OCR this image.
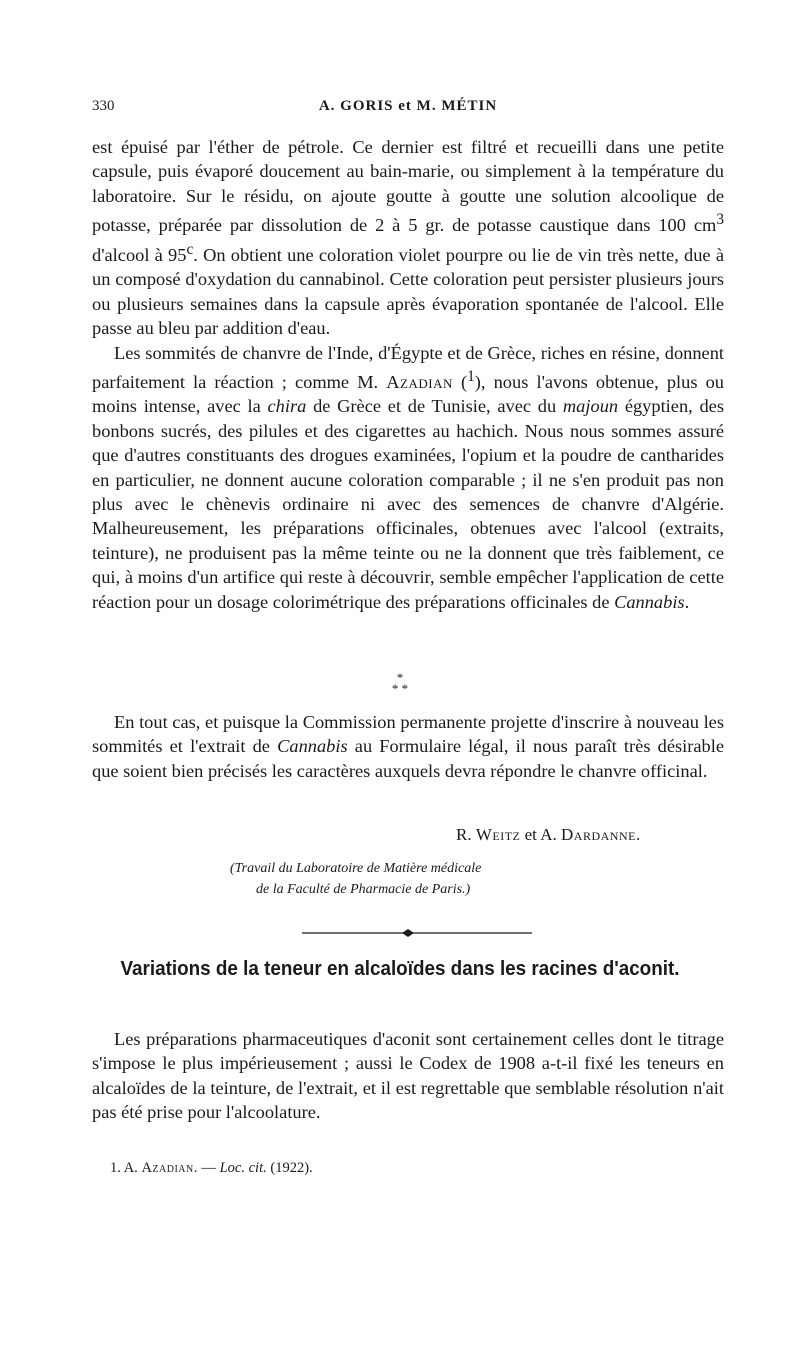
330	A. GORIS et M. MÉTIN

est épuisé par l'éther de pétrole. Ce dernier est filtré et recueilli dans une petite capsule, puis évaporé doucement au bain-marie, ou simplement à la température du laboratoire. Sur le résidu, on ajoute goutte à goutte une solution alcoolique de potasse, préparée par dissolution de 2 à 5 gr. de potasse caustique dans 100 $cm^3$ d'alcool à 95$^c$. On obtient une coloration violet pourpre ou lie de vin très nette, due à un composé d'oxydation du cannabinol. Cette coloration peut persister plusieurs jours ou plusieurs semaines dans la capsule après évaporation spontanée de l'alcool. Elle passe au bleu par addition d'eau.

Les sommités de chanvre de l'Inde, d'Égypte et de Grèce, riches en résine, donnent parfaitement la réaction ; comme M. Azadian ($^1$), nous l'avons obtenue, plus ou moins intense, avec la chira de Grèce et de Tunisie, avec du majoun égyptien, des bonbons sucrés, des pilules et des cigarettes au hachich. Nous nous sommes assuré que d'autres constituants des drogues examinées, l'opium et la poudre de cantharides en particulier, ne donnent aucune coloration comparable ; il ne s'en produit pas non plus avec le chènevis ordinaire ni avec des semences de chanvre d'Algérie. Malheureusement, les préparations officinales, obtenues avec l'alcool (extraits, teinture), ne produisent pas la même teinte ou ne la donnent que très faiblement, ce qui, à moins d'un artifice qui reste à découvrir, semble empêcher l'application de cette réaction pour un dosage colorimétrique des préparations officinales de Cannabis.

*
* *

En tout cas, et puisque la Commission permanente projette d'inscrire à nouveau les sommités et l'extrait de Cannabis au Formulaire légal, il nous paraît très désirable que soient bien précisés les caractères auxquels devra répondre le chanvre officinal.

R. Weitz et A. Dardanne.
(Travail du Laboratoire de Matière médicale
de la Faculté de Pharmacie de Paris.)
Variations de la teneur en alcaloïdes dans les racines d'aconit.

Les préparations pharmaceutiques d'aconit sont certainement celles dont le titrage s'impose le plus impérieusement ; aussi le Codex de 1908 a-t-il fixé les teneurs en alcaloïdes de la teinture, de l'extrait, et il est regrettable que semblable résolution n'ait pas été prise pour l'alcoolature.

1. A. Azadian. — Loc. cit. (1922).
